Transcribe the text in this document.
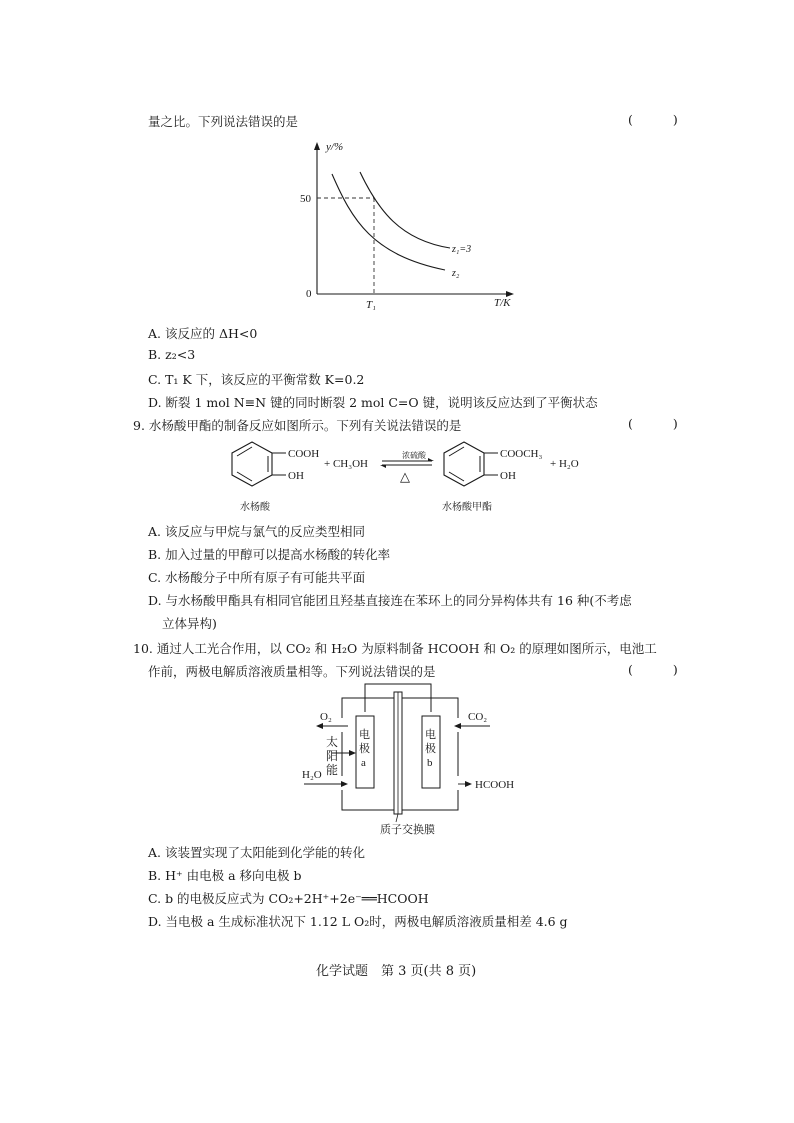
量之比。下列说法错误的是	( )
y/%
T/K
0
50
T₁
z₁=3
z₂
A. 该反应的 ΔH<0
B. z₂<3
C. T₁ K 下，该反应的平衡常数 K=0.2
D. 断裂 1 mol N≡N 键的同时断裂 2 mol C=O 键，说明该反应达到了平衡状态
9. 水杨酸甲酯的制备反应如图所示。下列有关说法错误的是	( )
COOH
OH
+ CH₃OH
浓硫酸
△
COOCH₃
OH
+ H₂O
水杨酸	水杨酸甲酯
A. 该反应与甲烷与氯气的反应类型相同
B. 加入过量的甲醇可以提高水杨酸的转化率
C. 水杨酸分子中所有原子有可能共平面
D. 与水杨酸甲酯具有相同官能团且羟基直接连在苯环上的同分异构体共有 16 种(不考虑
立体异构)
10. 通过人工光合作用，以 CO₂ 和 H₂O 为原料制备 HCOOH 和 O₂ 的原理如图所示，电池工
作前，两极电解质溶液质量相等。下列说法错误的是	( )
电
极
a
电
极
b
O₂
太
阳
能
H₂O
CO₂
HCOOH
质子交换膜
A. 该装置实现了太阳能到化学能的转化
B. H⁺ 由电极 a 移向电极 b
C. b 的电极反应式为 CO₂+2H⁺+2e⁻══HCOOH
D. 当电极 a 生成标准状况下 1.12 L O₂时，两极电解质溶液质量相差 4.6 g
化学试题　第 3 页(共 8 页)
